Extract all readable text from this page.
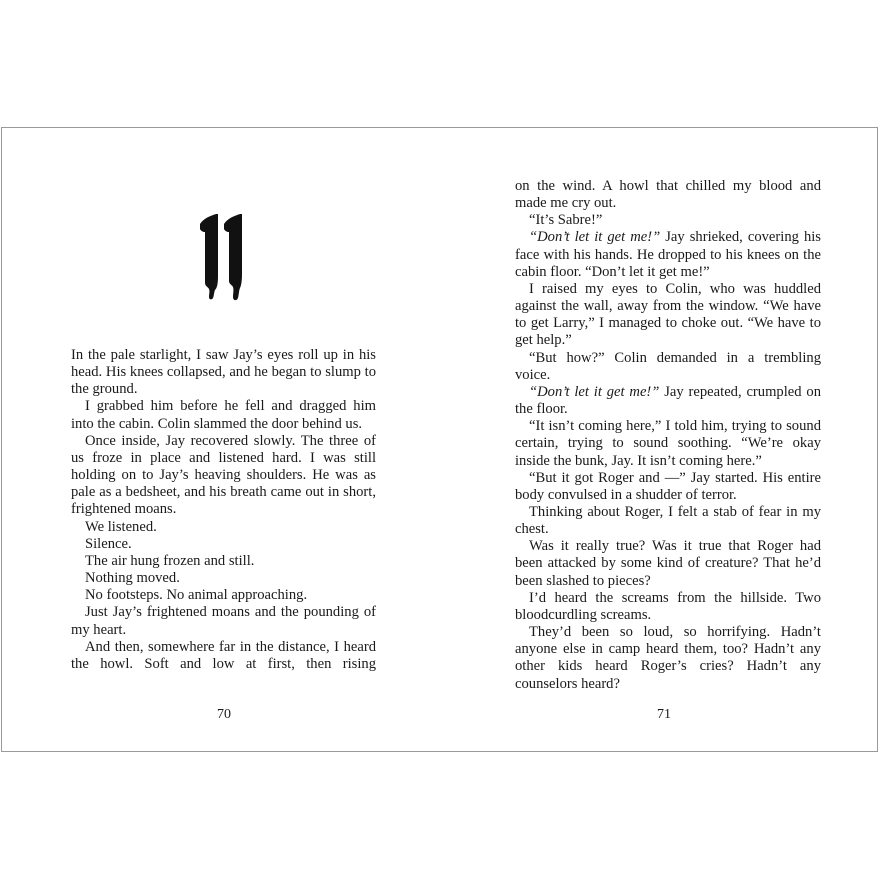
In the pale starlight, I saw Jay’s eyes roll up in his head. His knees collapsed, and he began to slump to the ground.

I grabbed him before he fell and dragged him into the cabin. Colin slammed the door behind us.

Once inside, Jay recovered slowly. The three of us froze in place and listened hard. I was still holding on to Jay’s heaving shoulders. He was as pale as a bedsheet, and his breath came out in short, frightened moans.

We listened.

Silence.

The air hung frozen and still.

Nothing moved.

No footsteps. No animal approaching.

Just Jay’s frightened moans and the pounding of my heart.

And then, somewhere far in the distance, I heard the howl. Soft and low at first, then rising

70

on the wind. A howl that chilled my blood and made me cry out.

“It’s Sabre!”

“Don’t let it get me!” Jay shrieked, covering his face with his hands. He dropped to his knees on the cabin floor. “Don’t let it get me!”

I raised my eyes to Colin, who was huddled against the wall, away from the window. “We have to get Larry,” I managed to choke out. “We have to get help.”

“But how?” Colin demanded in a trembling voice.

“Don’t let it get me!” Jay repeated, crumpled on the floor.

“It isn’t coming here,” I told him, trying to sound certain, trying to sound soothing. “We’re okay inside the bunk, Jay. It isn’t coming here.”

“But it got Roger and —” Jay started. His entire body convulsed in a shudder of terror.

Thinking about Roger, I felt a stab of fear in my chest.

Was it really true? Was it true that Roger had been attacked by some kind of creature? That he’d been slashed to pieces?

I’d heard the screams from the hillside. Two bloodcurdling screams.

They’d been so loud, so horrifying. Hadn’t anyone else in camp heard them, too? Hadn’t any other kids heard Roger’s cries? Hadn’t any counselors heard?

71
